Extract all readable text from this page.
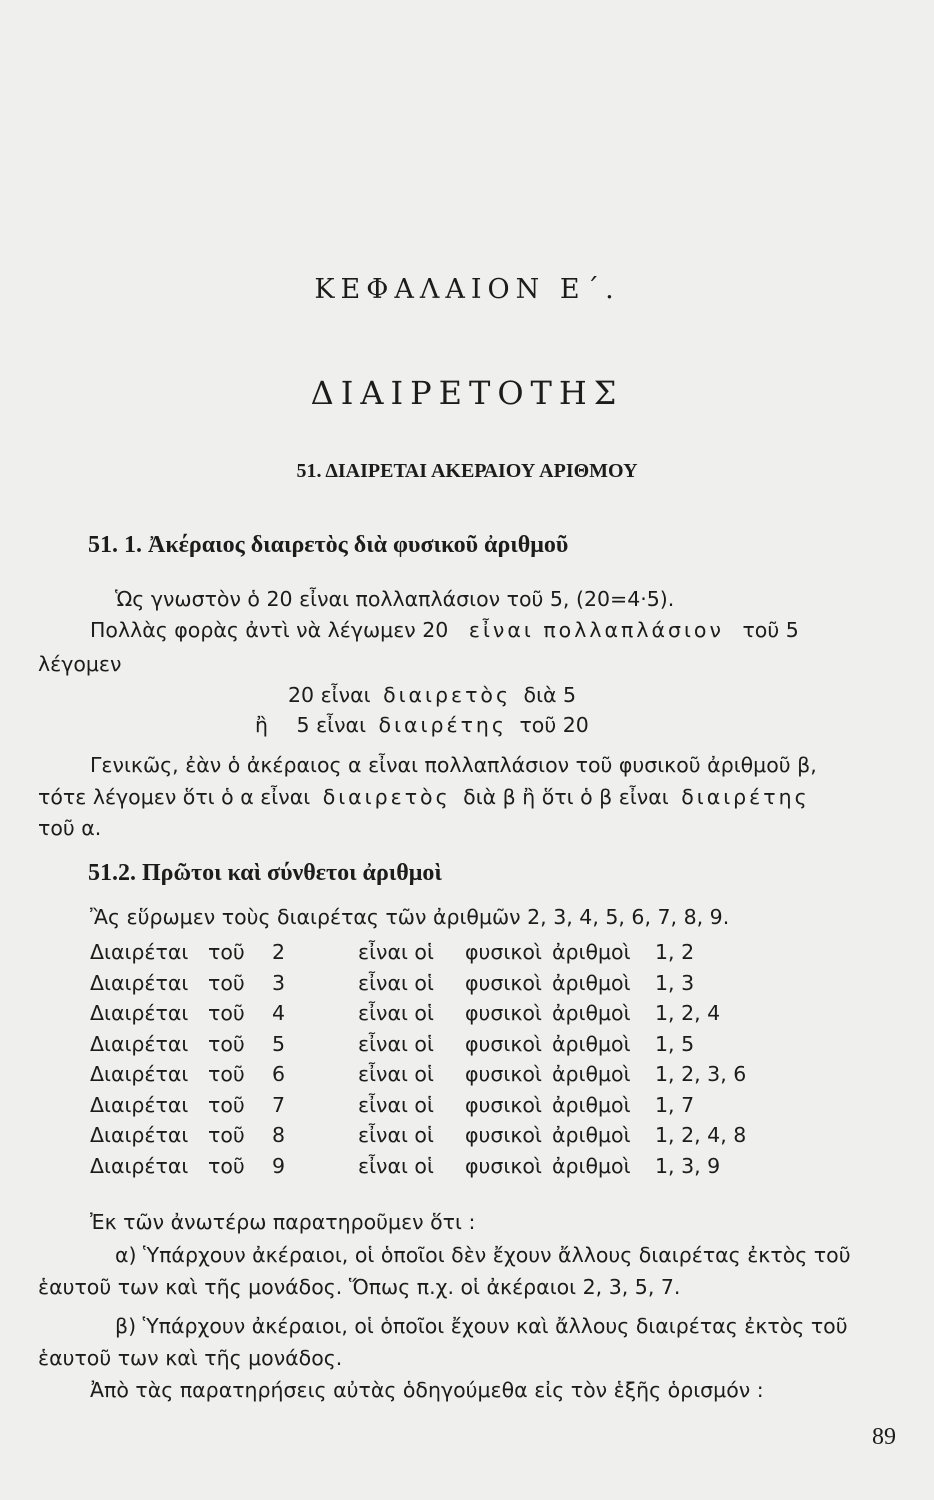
ΚΕΦΑΛΑΙΟΝ Ε΄.
ΔΙΑΙΡΕΤΟΤΗΣ
51. ΔΙΑΙΡΕΤΑΙ ΑΚΕΡΑΙΟΥ ΑΡΙΘΜΟΥ
51. 1. Ἀκέραιος διαιρετὸς διὰ φυσικοῦ ἀριθμοῦ
Ὡς γνωστὸν ὁ 20 εἶναι πολλαπλάσιον τοῦ 5, (20=4·5).
Πολλὰς φορὰς ἀντὶ νὰ λέγωμεν 20 εἶναι πολλαπλάσιον τοῦ 5
λέγομεν
20 εἶναι διαιρετὸς διὰ 5
ἢ 5 εἶναι διαιρέτης τοῦ 20
Γενικῶς, ἐὰν ὁ ἀκέραιος α εἶναι πολλαπλάσιον τοῦ φυσικοῦ ἀριθμοῦ β,
τότε λέγομεν ὅτι ὁ α εἶναι διαιρετὸς διὰ β ἢ ὅτι ὁ β εἶναι διαιρέτης
τοῦ α.
51.2. Πρῶτοι καὶ σύνθετοι ἀριθμοὶ
Ἂς εὕρωμεν τοὺς διαιρέτας τῶν ἀριθμῶν 2, 3, 4, 5, 6, 7, 8, 9.
Διαιρέται τοῦ 2	εἶναι οἱ φυσικοὶ ἀριθμοὶ 1, 2
Διαιρέται τοῦ 3	εἶναι οἱ φυσικοὶ ἀριθμοὶ 1, 3
Διαιρέται τοῦ 4	εἶναι οἱ φυσικοὶ ἀριθμοὶ 1, 2, 4
Διαιρέται τοῦ 5	εἶναι οἱ φυσικοὶ ἀριθμοὶ 1, 5
Διαιρέται τοῦ 6	εἶναι οἱ φυσικοὶ ἀριθμοὶ 1, 2, 3, 6
Διαιρέται τοῦ 7	εἶναι οἱ φυσικοὶ ἀριθμοὶ 1, 7
Διαιρέται τοῦ 8	εἶναι οἱ φυσικοὶ ἀριθμοὶ 1, 2, 4, 8
Διαιρέται τοῦ 9	εἶναι οἱ φυσικοὶ ἀριθμοὶ 1, 3, 9
Ἐκ τῶν ἀνωτέρω παρατηροῦμεν ὅτι :
α) Ὑπάρχουν ἀκέραιοι, οἱ ὁποῖοι δὲν ἔχουν ἄλλους διαιρέτας ἐκτὸς τοῦ
ἑαυτοῦ των καὶ τῆς μονάδος. Ὅπως π.χ. οἱ ἀκέραιοι 2, 3, 5, 7.
β) Ὑπάρχουν ἀκέραιοι, οἱ ὁποῖοι ἔχουν καὶ ἄλλους διαιρέτας ἐκτὸς τοῦ
ἑαυτοῦ των καὶ τῆς μονάδος.
Ἀπὸ τὰς παρατηρήσεις αὐτὰς ὁδηγούμεθα εἰς τὸν ἑξῆς ὁρισμόν :
89
